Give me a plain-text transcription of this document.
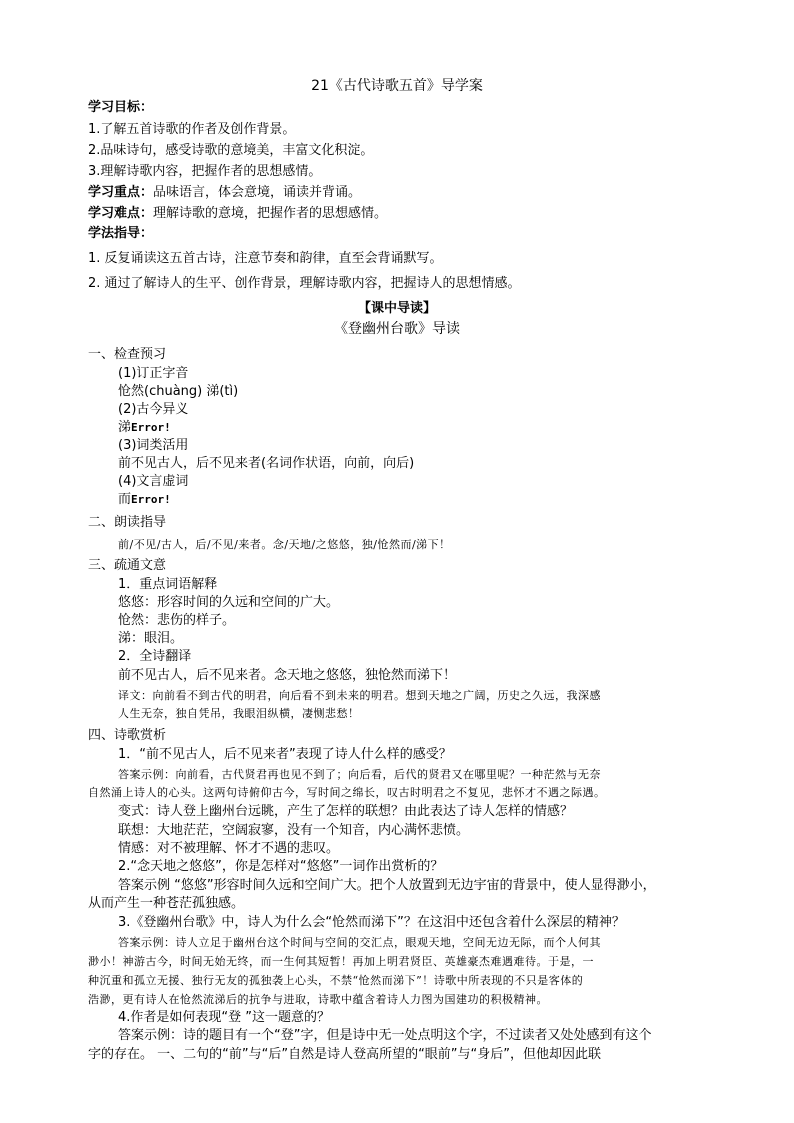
21《古代诗歌五首》导学案
学习目标：
1.了解五首诗歌的作者及创作背景。
2.品味诗句，感受诗歌的意境美，丰富文化积淀。
3.理解诗歌内容，把握作者的思想感情。
学习重点：品味语言，体会意境，诵读并背诵。
学习难点：理解诗歌的意境，把握作者的思想感情。
学法指导：
1. 反复诵读这五首古诗，注意节奏和韵律，直至会背诵默写。
2. 通过了解诗人的生平、创作背景，理解诗歌内容，把握诗人的思想情感。
【课中导读】
《登幽州台歌》导读
一、检查预习
(1)订正字音
怆然(chuàng) 涕(tì)
(2)古今异义
涕Error!
(3)词类活用
前不见古人，后不见来者(名词作状语，向前，向后)
(4)文言虚词
而Error!
二、朗读指导
前/不见/古人，后/不见/来者。念/天地/之悠悠，独/怆然而/涕下！
三、疏通文意
1．重点词语解释
悠悠：形容时间的久远和空间的广大。
怆然：悲伤的样子。
涕：眼泪。
2．全诗翻译
前不见古人，后不见来者。念天地之悠悠，独怆然而涕下！
译文：向前看不到古代的明君，向后看不到未来的明君。想到天地之广阔，历史之久远，我深感
人生无奈，独自凭吊，我眼泪纵横，凄恻悲愁！
四、诗歌赏析
1．“前不见古人，后不见来者”表现了诗人什么样的感受？
答案示例：向前看，古代贤君再也见不到了；向后看，后代的贤君又在哪里呢？一种茫然与无奈
自然涌上诗人的心头。这两句诗俯仰古今，写时间之绵长，叹古时明君之不复见，悲怀才不遇之际遇。
变式：诗人登上幽州台远眺，产生了怎样的联想？由此表达了诗人怎样的情感？
联想：大地茫茫，空阔寂寥，没有一个知音，内心满怀悲愤。
情感：对不被理解、怀才不遇的悲叹。
2.“念天地之悠悠”，你是怎样对“悠悠”一词作出赏析的？
答案示例 “悠悠”形容时间久远和空间广大。把个人放置到无边宇宙的背景中，使人显得渺小，
从而产生一种苍茫孤独感。
3.《登幽州台歌》中，诗人为什么会“怆然而涕下”？在这泪中还包含着什么深层的精神？
答案示例：诗人立足于幽州台这个时间与空间的交汇点，眼观天地，空间无边无际，而个人何其
渺小！神游古今，时间无始无终，而一生何其短暂！再加上明君贤臣、英雄豪杰难遇难待。于是，一
种沉重和孤立无援、独行无友的孤独袭上心头，不禁“怆然而涕下”！诗歌中所表现的不只是客体的
浩渺，更有诗人在怆然流涕后的抗争与进取，诗歌中蕴含着诗人力图为国建功的积极精神。
4.作者是如何表现“登 ”这一题意的？
答案示例：诗的题目有一个“登”字，但是诗中无一处点明这个字，不过读者又处处感到有这个
字的存在。 一、二句的“前”与“后”自然是诗人登高所望的“眼前”与“身后”，但他却因此联
